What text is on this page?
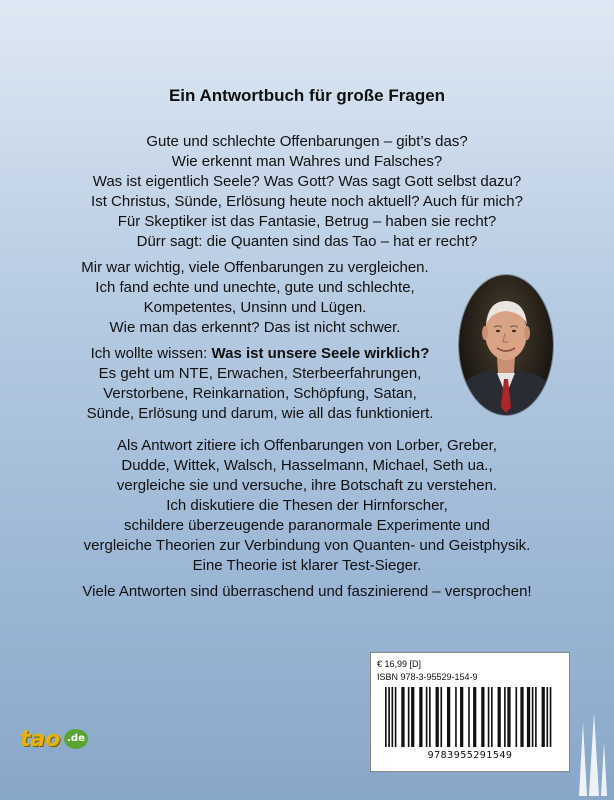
Ein Antwortbuch für große Fragen
Gute und schlechte Offenbarungen – gibt’s das?
Wie erkennt man Wahres und Falsches?
Was ist eigentlich Seele? Was Gott? Was sagt Gott selbst dazu?
Ist Christus, Sünde, Erlösung heute noch aktuell? Auch für mich?
Für Skeptiker ist das Fantasie, Betrug – haben sie recht?
Dürr sagt: die Quanten sind das Tao – hat er recht?
Mir war wichtig, viele Offenbarungen zu vergleichen.
Ich fand echte und unechte, gute und schlechte,
Kompetentes, Unsinn und Lügen.
Wie man das erkennt? Das ist nicht schwer.
Ich wollte wissen: Was ist unsere Seele wirklich?
Es geht um NTE, Erwachen, Sterbeerfahrungen,
Verstorbene, Reinkarnation, Schöpfung, Satan,
Sünde, Erlösung und darum, wie all das funktioniert.
Als Antwort zitiere ich Offenbarungen von Lorber, Greber,
Dudde, Wittek, Walsch, Hasselmann, Michael, Seth ua.,
vergleiche sie und versuche, ihre Botschaft zu verstehen.
Ich diskutiere die Thesen der Hirnforscher,
schildere überzeugende paranormale Experimente und
vergleiche Theorien zur Verbindung von Quanten- und Geistphysik.
Eine Theorie ist klarer Test-Sieger.
Viele Antworten sind überraschend und faszinierend – versprochen!
tao .de
€ 16,99 [D]
ISBN 978-3-95529-154-9
9783955291549
